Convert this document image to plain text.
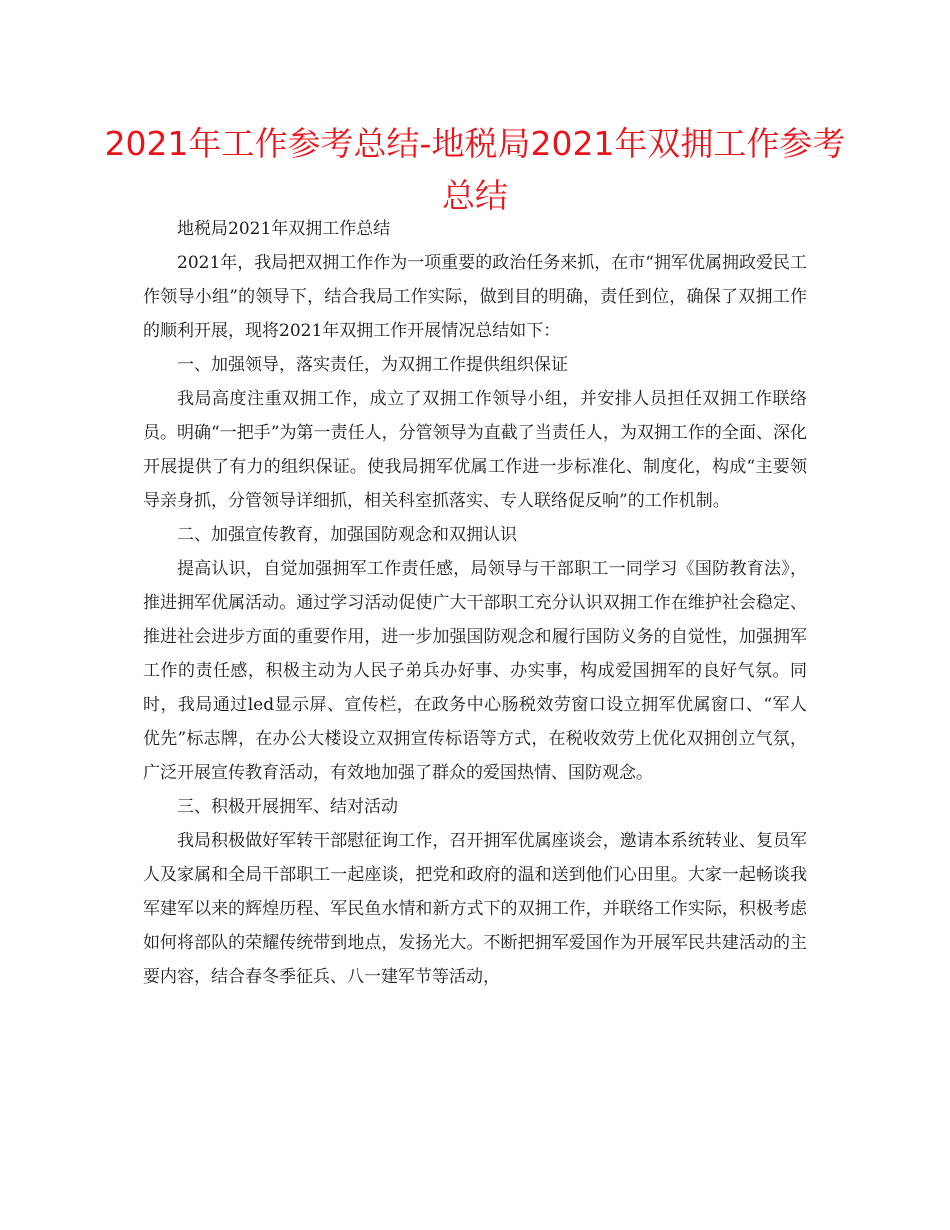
2021年工作参考总结-地税局2021年双拥工作参考总结

地税局2021年双拥工作总结

2021年，我局把双拥工作作为一项重要的政治任务来抓，在市“拥军优属拥政爱民工作领导小组”的领导下，结合我局工作实际，做到目的明确，责任到位，确保了双拥工作的顺利开展，现将2021年双拥工作开展情况总结如下：

一、加强领导，落实责任，为双拥工作提供组织保证

我局高度注重双拥工作，成立了双拥工作领导小组，并安排人员担任双拥工作联络员。明确“一把手”为第一责任人，分管领导为直截了当责任人，为双拥工作的全面、深化开展提供了有力的组织保证。使我局拥军优属工作进一步标准化、制度化，构成“主要领导亲身抓，分管领导详细抓，相关科室抓落实、专人联络促反响”的工作机制。

二、加强宣传教育，加强国防观念和双拥认识

提高认识，自觉加强拥军工作责任感，局领导与干部职工一同学习《国防教育法》，推进拥军优属活动。通过学习活动促使广大干部职工充分认识双拥工作在维护社会稳定、推进社会进步方面的重要作用，进一步加强国防观念和履行国防义务的自觉性，加强拥军工作的责任感，积极主动为人民子弟兵办好事、办实事，构成爱国拥军的良好气氛。同时，我局通过led显示屏、宣传栏，在政务中心肠税效劳窗口设立拥军优属窗口、“军人优先”标志牌，在办公大楼设立双拥宣传标语等方式，在税收效劳上优化双拥创立气氛，广泛开展宣传教育活动，有效地加强了群众的爱国热情、国防观念。

三、积极开展拥军、结对活动

我局积极做好军转干部慰征询工作，召开拥军优属座谈会，邀请本系统转业、复员军人及家属和全局干部职工一起座谈，把党和政府的温和送到他们心田里。大家一起畅谈我军建军以来的辉煌历程、军民鱼水情和新方式下的双拥工作，并联络工作实际，积极考虑如何将部队的荣耀传统带到地点，发扬光大。不断把拥军爱国作为开展军民共建活动的主要内容，结合春冬季征兵、八一建军节等活动，
